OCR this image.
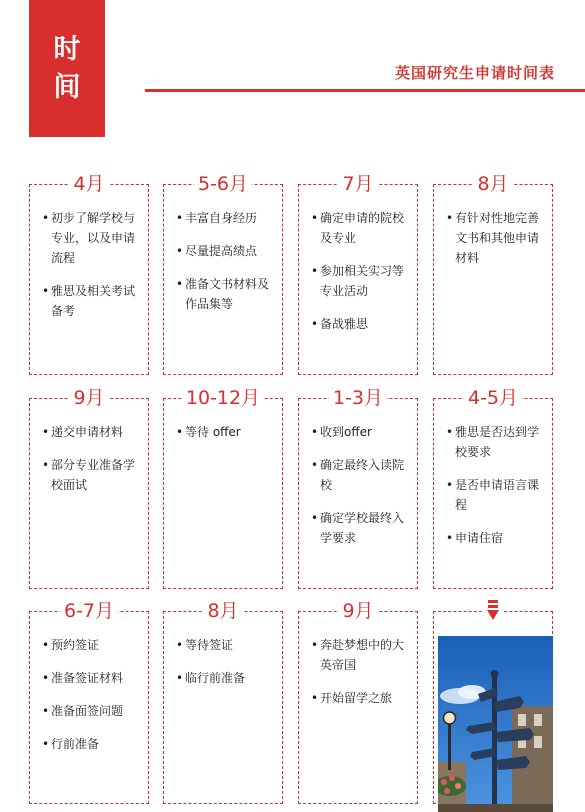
时
间	英国研究生申请时间表
4月
• 初步了解学校与专业，以及申请流程
• 雅思及相关考试备考
5-6月
• 丰富自身经历
• 尽量提高绩点
• 准备文书材料及作品集等
7月
• 确定申请的院校及专业
• 参加相关实习等专业活动
• 备战雅思
8月
• 有针对性地完善文书和其他申请材料
9月
• 递交申请材料
• 部分专业准备学校面试
10-12月
• 等待 offer
1-3月
• 收到offer
• 确定最终入读院校
• 确定学校最终入学要求
4-5月
• 雅思是否达到学校要求
• 是否申请语言课程
• 申请住宿
6-7月
• 预约签证
• 准备签证材料
• 准备面签问题
• 行前准备
8月
• 等待签证
• 临行前准备
9月
• 奔赴梦想中的大英帝国
• 开始留学之旅
